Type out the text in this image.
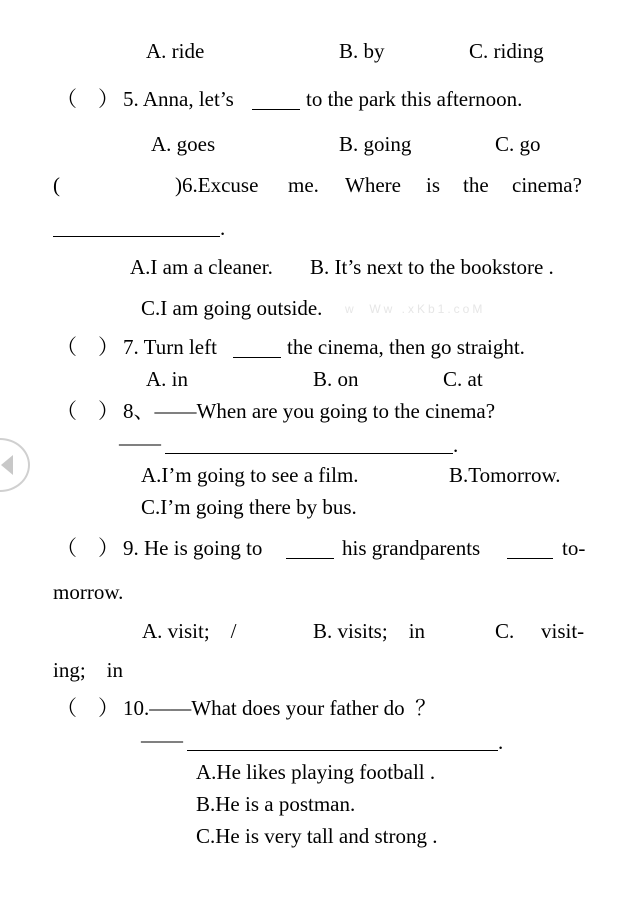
A. ride	B. by	C. riding
（    ） 5. Anna, let’s	to the park this afternoon.
A. goes	B. going	C. go
(	) 6.Excuse me. Where is the cinema?
.
A.I am a cleaner. B. It’s next to the bookstore .
C.I am going outside. w  Ww .xKb1.coM
（    ） 7. Turn left	the cinema, then go straight.
A. in	B. on	C. at
（    ） 8、——When are you going to the cinema?
——	.
A.I’m going to see a film.	B.Tomorrow.
C.I’m going there by bus.
（    ） 9. He is going to	his grandparents	to-
morrow.
A. visit;    /	B. visits;    in	C. visit-
ing;    in
（    ） 10.——What does your father do  ？
——	.
A.He likes playing football .
B.He is a postman.
C.He is very tall and strong .
